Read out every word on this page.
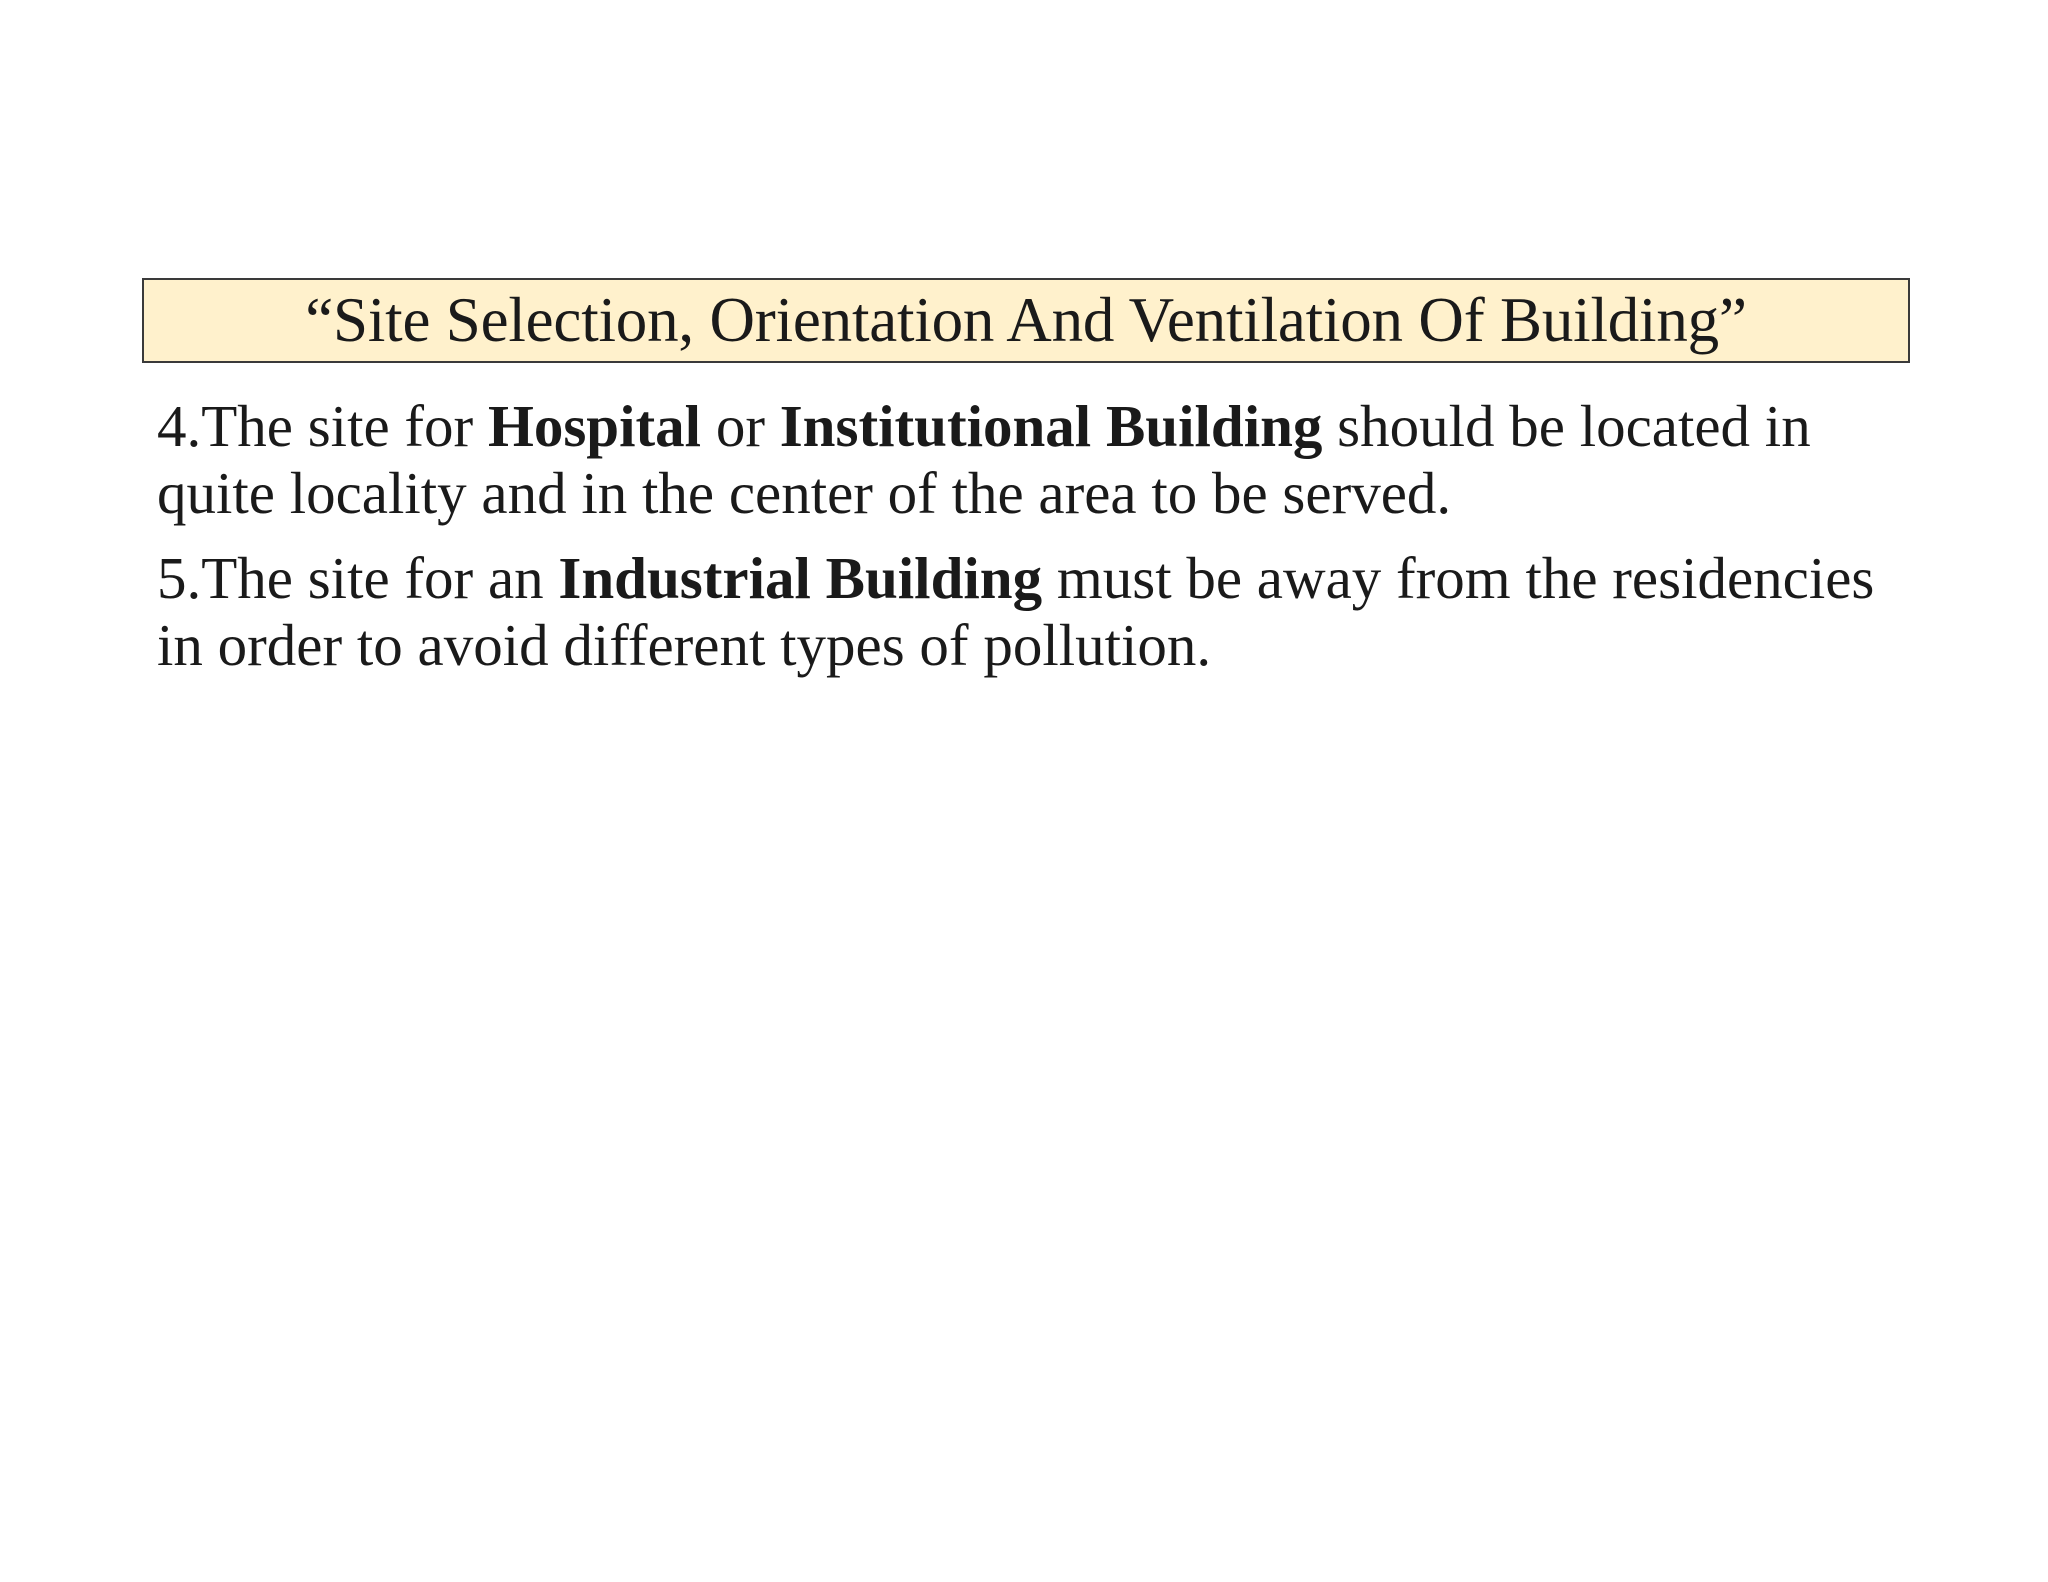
“Site Selection, Orientation And Ventilation Of Building”

4.The site for Hospital or Institutional Building should be located in quite locality and in the center of the area to be served.

5.The site for an Industrial Building must be away from the residencies in order to avoid different types of pollution.
